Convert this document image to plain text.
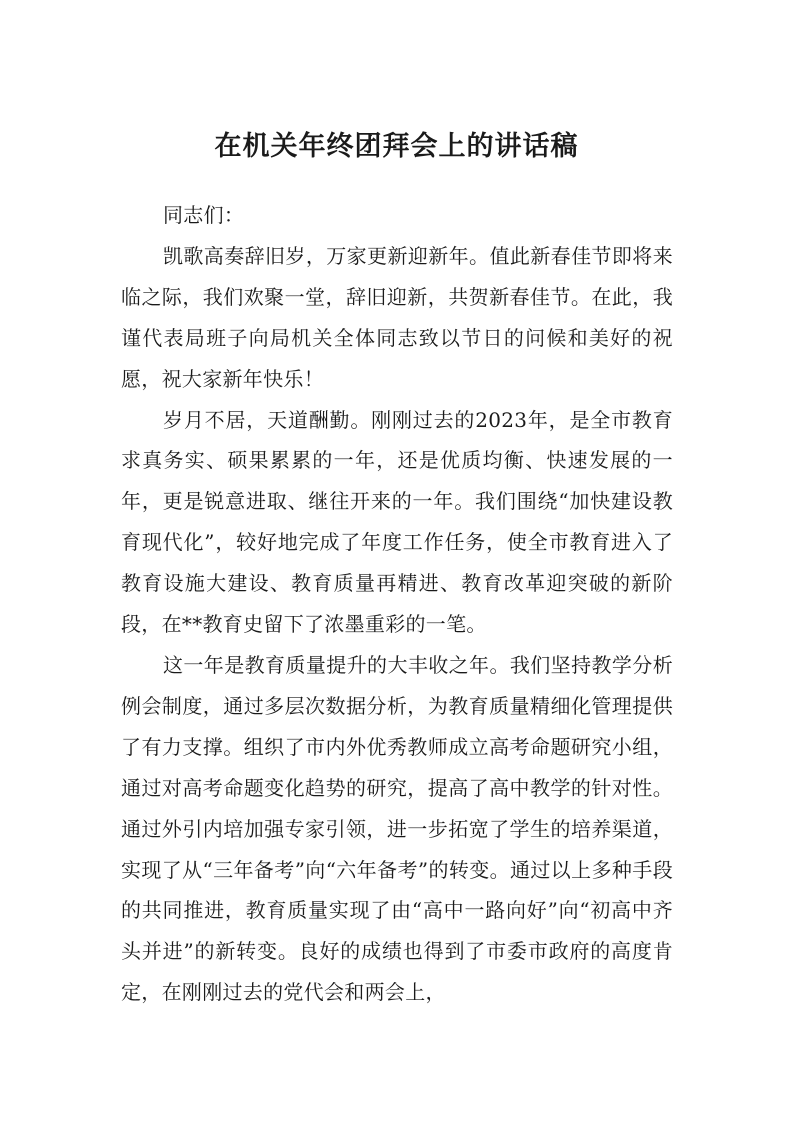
在机关年终团拜会上的讲话稿

同志们：

凯歌高奏辞旧岁，万家更新迎新年。值此新春佳节即将来临之际，我们欢聚一堂，辞旧迎新，共贺新春佳节。在此，我谨代表局班子向局机关全体同志致以节日的问候和美好的祝愿，祝大家新年快乐！

岁月不居，天道酬勤。刚刚过去的2023年，是全市教育求真务实、硕果累累的一年，还是优质均衡、快速发展的一年，更是锐意进取、继往开来的一年。我们围绕“加快建设教育现代化”，较好地完成了年度工作任务，使全市教育进入了教育设施大建设、教育质量再精进、教育改革迎突破的新阶段，在**教育史留下了浓墨重彩的一笔。

这一年是教育质量提升的大丰收之年。我们坚持教学分析例会制度，通过多层次数据分析，为教育质量精细化管理提供了有力支撑。组织了市内外优秀教师成立高考命题研究小组，通过对高考命题变化趋势的研究，提高了高中教学的针对性。通过外引内培加强专家引领，进一步拓宽了学生的培养渠道，实现了从“三年备考”向“六年备考”的转变。通过以上多种手段的共同推进，教育质量实现了由“高中一路向好”向“初高中齐头并进”的新转变。良好的成绩也得到了市委市政府的高度肯定，在刚刚过去的党代会和两会上，
